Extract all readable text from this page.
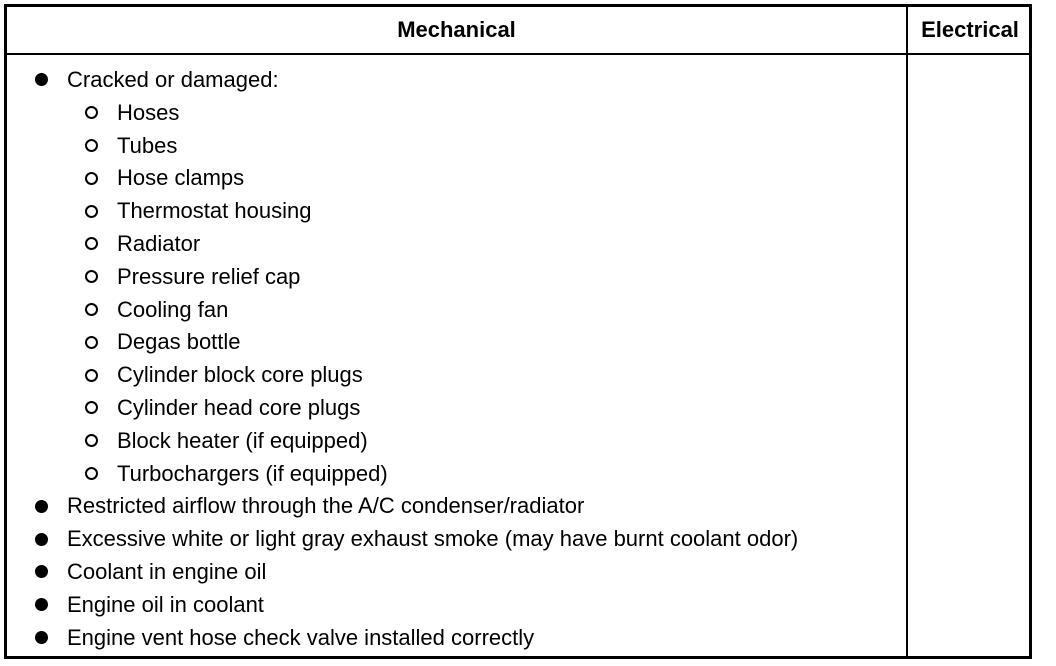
Mechanical	Electrical
Cracked or damaged:
Hoses
Tubes
Hose clamps
Thermostat housing
Radiator
Pressure relief cap
Cooling fan
Degas bottle
Cylinder block core plugs
Cylinder head core plugs
Block heater (if equipped)
Turbochargers (if equipped)
Restricted airflow through the A/C condenser/radiator
Excessive white or light gray exhaust smoke (may have burnt coolant odor)
Coolant in engine oil
Engine oil in coolant
Engine vent hose check valve installed correctly
